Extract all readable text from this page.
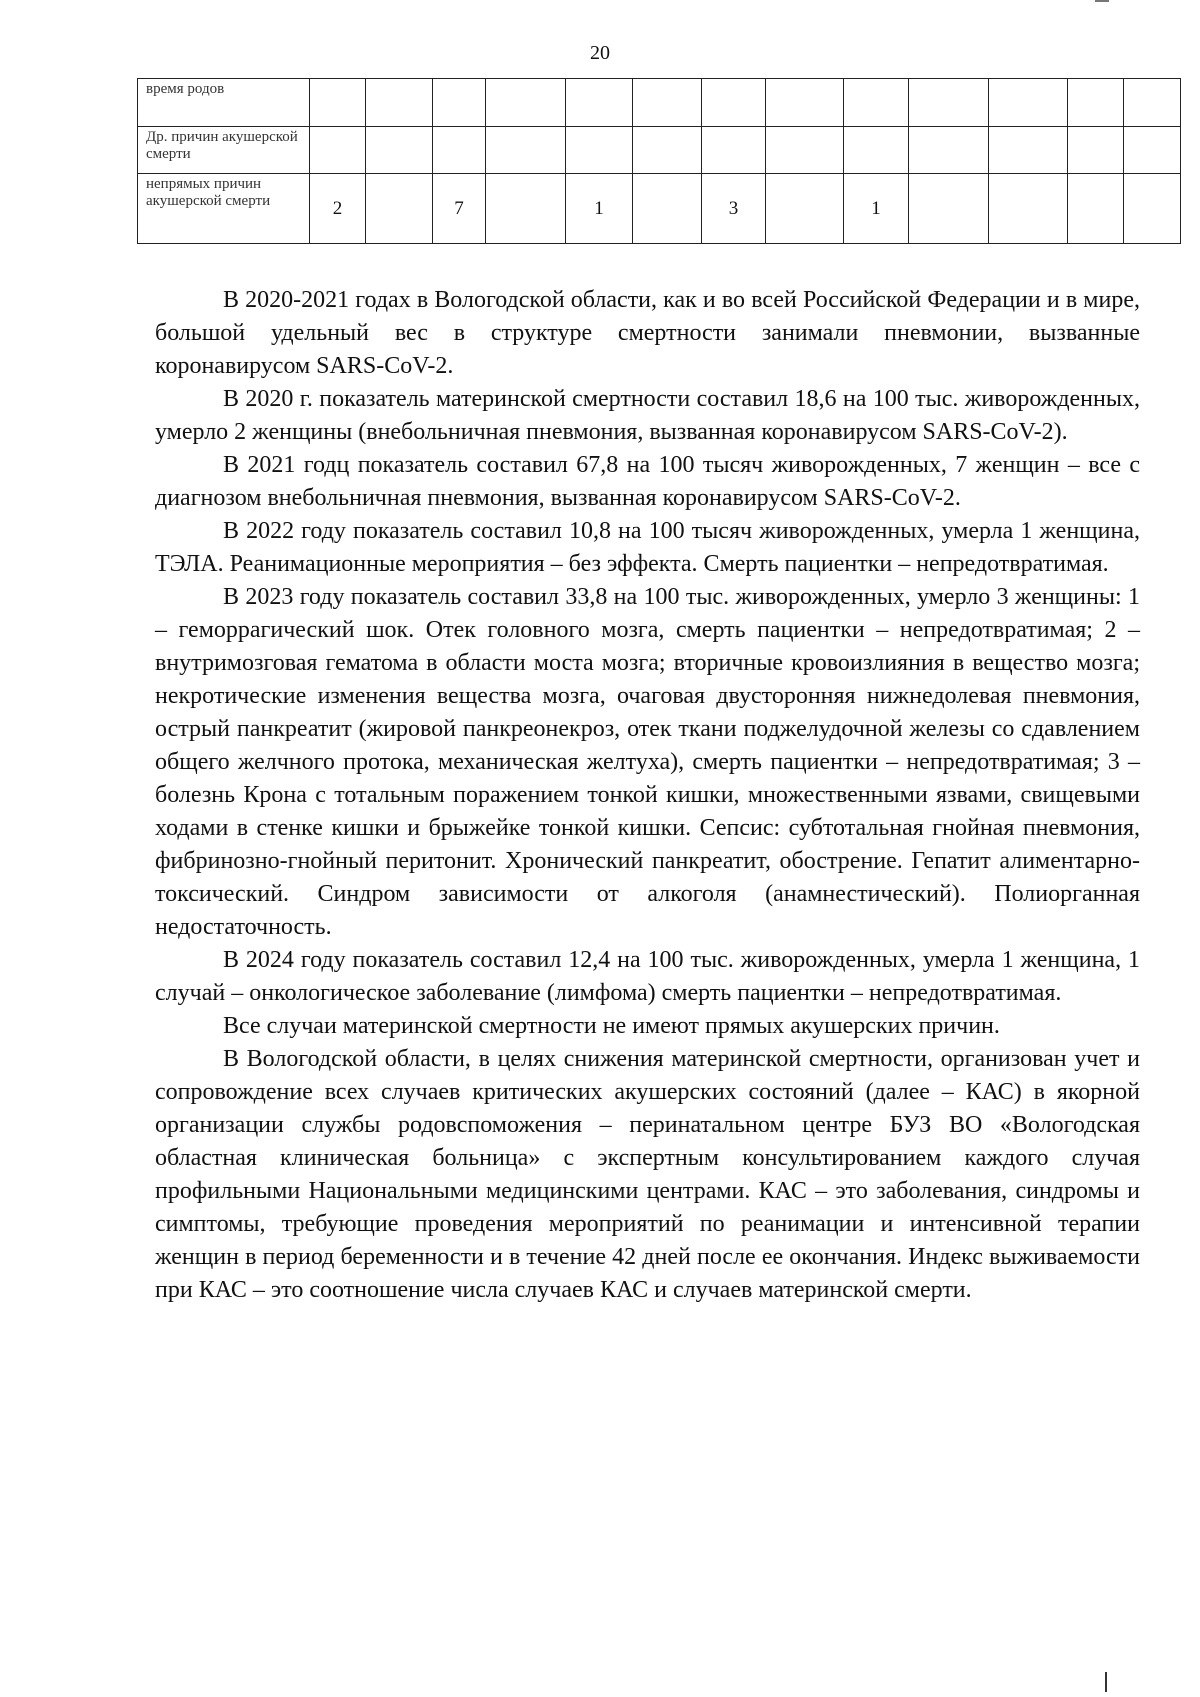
20
время родов													
Др. причин акушерской смерти													
непрямых причин акушерской смерти	2		7		1		3		1				

В 2020-2021 годах в Вологодской области, как и во всей Российской Федерации и в мире, большой удельный вес в структуре смертности занимали пневмонии, вызванные коронавирусом SARS-CoV-2.

В 2020 г. показатель материнской смертности составил 18,6 на 100 тыс. живорожденных, умерло 2 женщины (внебольничная пневмония, вызванная коронавирусом SARS-CoV-2).

В 2021 годц показатель составил 67,8 на 100 тысяч живорожденных, 7 женщин – все с диагнозом внебольничная пневмония, вызванная коронавирусом SARS-CoV-2.

В 2022 году показатель составил 10,8 на 100 тысяч живорожденных, умерла 1 женщина, ТЭЛА. Реанимационные мероприятия – без эффекта. Смерть пациентки – непредотвратимая.

В 2023 году показатель составил 33,8 на 100 тыс. живорожденных, умерло 3 женщины: 1 – геморрагический шок. Отек головного мозга, смерть пациентки – непредотвратимая; 2 – внутримозговая гематома в области моста мозга; вторичные кровоизлияния в вещество мозга; некротические изменения вещества мозга, очаговая двусторонняя нижнедолевая пневмония, острый панкреатит (жировой панкреонекроз, отек ткани поджелудочной железы со сдавлением общего желчного протока, механическая желтуха), смерть пациентки – непредотвратимая; 3 – болезнь Крона с тотальным поражением тонкой кишки, множественными язвами, свищевыми ходами в стенке кишки и брыжейке тонкой кишки. Сепсис: субтотальная гнойная пневмония, фибринозно-гнойный перитонит. Хронический панкреатит, обострение. Гепатит алиментарно-токсический. Синдром зависимости от алкоголя (анамнестический). Полиорганная недостаточность.

В 2024 году показатель составил 12,4 на 100 тыс. живорожденных, умерла 1 женщина, 1 случай – онкологическое заболевание (лимфома) смерть пациентки – непредотвратимая.

Все случаи материнской смертности не имеют прямых акушерских причин.

В Вологодской области, в целях снижения материнской смертности, организован учет и сопровождение всех случаев критических акушерских состояний (далее – КАС) в якорной организации службы родовспоможения – перинатальном центре БУЗ ВО «Вологодская областная клиническая больница» с экспертным консультированием каждого случая профильными Национальными медицинскими центрами. КАС – это заболевания, синдромы и симптомы, требующие проведения мероприятий по реанимации и интенсивной терапии женщин в период беременности и в течение 42 дней после ее окончания. Индекс выживаемости при КАС – это соотношение числа случаев КАС и случаев материнской смерти.
